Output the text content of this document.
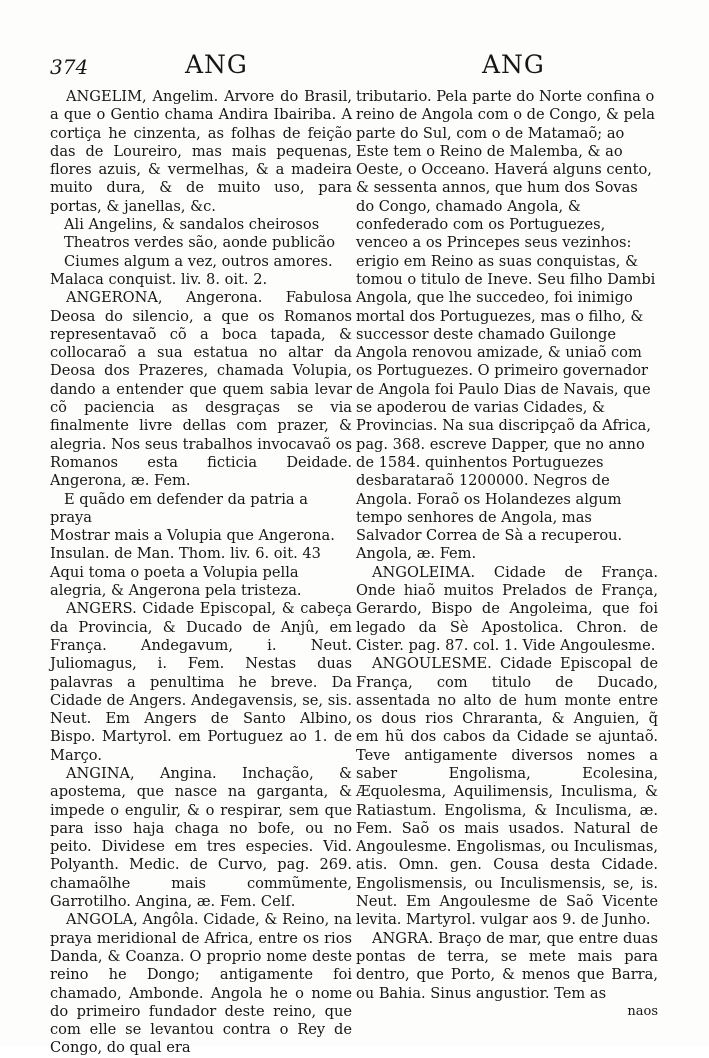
374	ANG	ANG

ANGELIM, Angelim. Arvore do Brasil, a que o Gentio chama Andira Ibairiba. A cortiça he cinzenta, as folhas de feição das de Loureiro, mas mais pequenas, flores azuis, & vermelhas, & a madeira muito dura, & de muito uso, para portas, & janellas, &c.

Ali Angelins, & sandalos cheirosos

Theatros verdes são, aonde publicão

Ciumes algum a vez, outros amores.

Malaca conquist. liv. 8. oit. 2.

ANGERONA, Angerona. Fabulosa Deosa do silencio, a que os Romanos representavaõ cõ a boca tapada, & collocaraõ a sua estatua no altar da Deosa dos Prazeres, chamada Volupia, dando a entender que quem sabia levar cõ paciencia as desgraças se via finalmente livre dellas com prazer, & alegria. Nos seus trabalhos invocavaõ os Romanos esta ficticia Deidade. Angerona, æ. Fem.

E quãdo em defender da patria a praya

Mostrar mais a Volupia que Angerona.

Insulan. de Man. Thom. liv. 6. oit. 43

Aqui toma o poeta a Volupia pella alegria, & Angerona pela tristeza.

ANGERS. Cidade Episcopal, & cabeça da Provincia, & Ducado de Anjû, em França. Andegavum, i. Neut. Juliomagus, i. Fem. Nestas duas palavras a penultima he breve. Da Cidade de Angers. Andegavensis, se, sis. Neut. Em Angers de Santo Albino, Bispo. Martyrol. em Portuguez ao 1. de Março.

ANGINA, Angina. Inchação, & apostema, que nasce na garganta, & impede o engulir, & o respirar, sem que para isso haja chaga no bofe, ou no peito. Dividese em tres especies. Vid. Polyanth. Medic. de Curvo, pag. 269. chamaõlhe mais commũmente, Garrotilho. Angina, æ. Fem. Celſ.

ANGOLA, Angôla. Cidade, & Reino, na praya meridional de Africa, entre os rios Danda, & Coanza. O proprio nome deste reino he Dongo; antigamente foi chamado, Ambonde. Angola he o nome do primeiro fundador deste reino, que com elle se levantou contra o Rey de Congo, do qual era

tributario. Pela parte do Norte confina o reino de Angola com o de Congo, & pela parte do Sul, com o de Matamaõ; ao Este tem o Reino de Malemba, & ao Oeste, o Occeano. Haverá alguns cento, & sessenta annos, que hum dos Sovas do Congo, chamado Angola, & confederado com os Portuguezes, venceo a os Princepes seus vezinhos: erigio em Reino as suas conquistas, & tomou o titulo de Ineve. Seu filho Dambi Angola, que lhe succedeo, foi inimigo mortal dos Portuguezes, mas o filho, & successor deste chamado Guilonge Angola renovou amizade, & uniaõ com os Portuguezes. O primeiro governador de Angola foi Paulo Dias de Navais, que se apoderou de varias Cidades, & Provincias. Na sua discripçaõ da Africa, pag. 368. escreve Dapper, que no anno de 1584. quinhentos Portuguezes desbarataraõ 1200000. Negros de Angola. Foraõ os Holandezes algum tempo senhores de Angola, mas Salvador Correa de Sà a recuperou. Angola, æ. Fem.

ANGOLEIMA. Cidade de França. Onde hiaõ muitos Prelados de França, Gerardo, Bispo de Angoleima, que foi legado da Sè Apostolica. Chron. de Cister. pag. 87. col. 1. Vide Angoulesme.

ANGOULESME. Cidade Episcopal de França, com titulo de Ducado, assentada no alto de hum monte entre os dous rios Chraranta, & Anguien, q̃ em hũ dos cabos da Cidade se ajuntaõ. Teve antigamente diversos nomes a saber Engolisma, Ecolesina, Æquolesma, Aquilimensis, Inculisma, & Ratiastum. Engolisma, & Inculisma, æ. Fem. Saõ os mais usados. Natural de Angoulesme. Engolismas, ou Inculismas, atis. Omn. gen. Cousa desta Cidade. Engolismensis, ou Inculismensis, se, is. Neut. Em Angoulesme de Saõ Vicente levita. Martyrol. vulgar aos 9. de Junho.

ANGRA. Braço de mar, que entre duas pontas de terra, se mete mais para dentro, que Porto, & menos que Barra, ou Bahia. Sinus angustior. Tem as

naos
